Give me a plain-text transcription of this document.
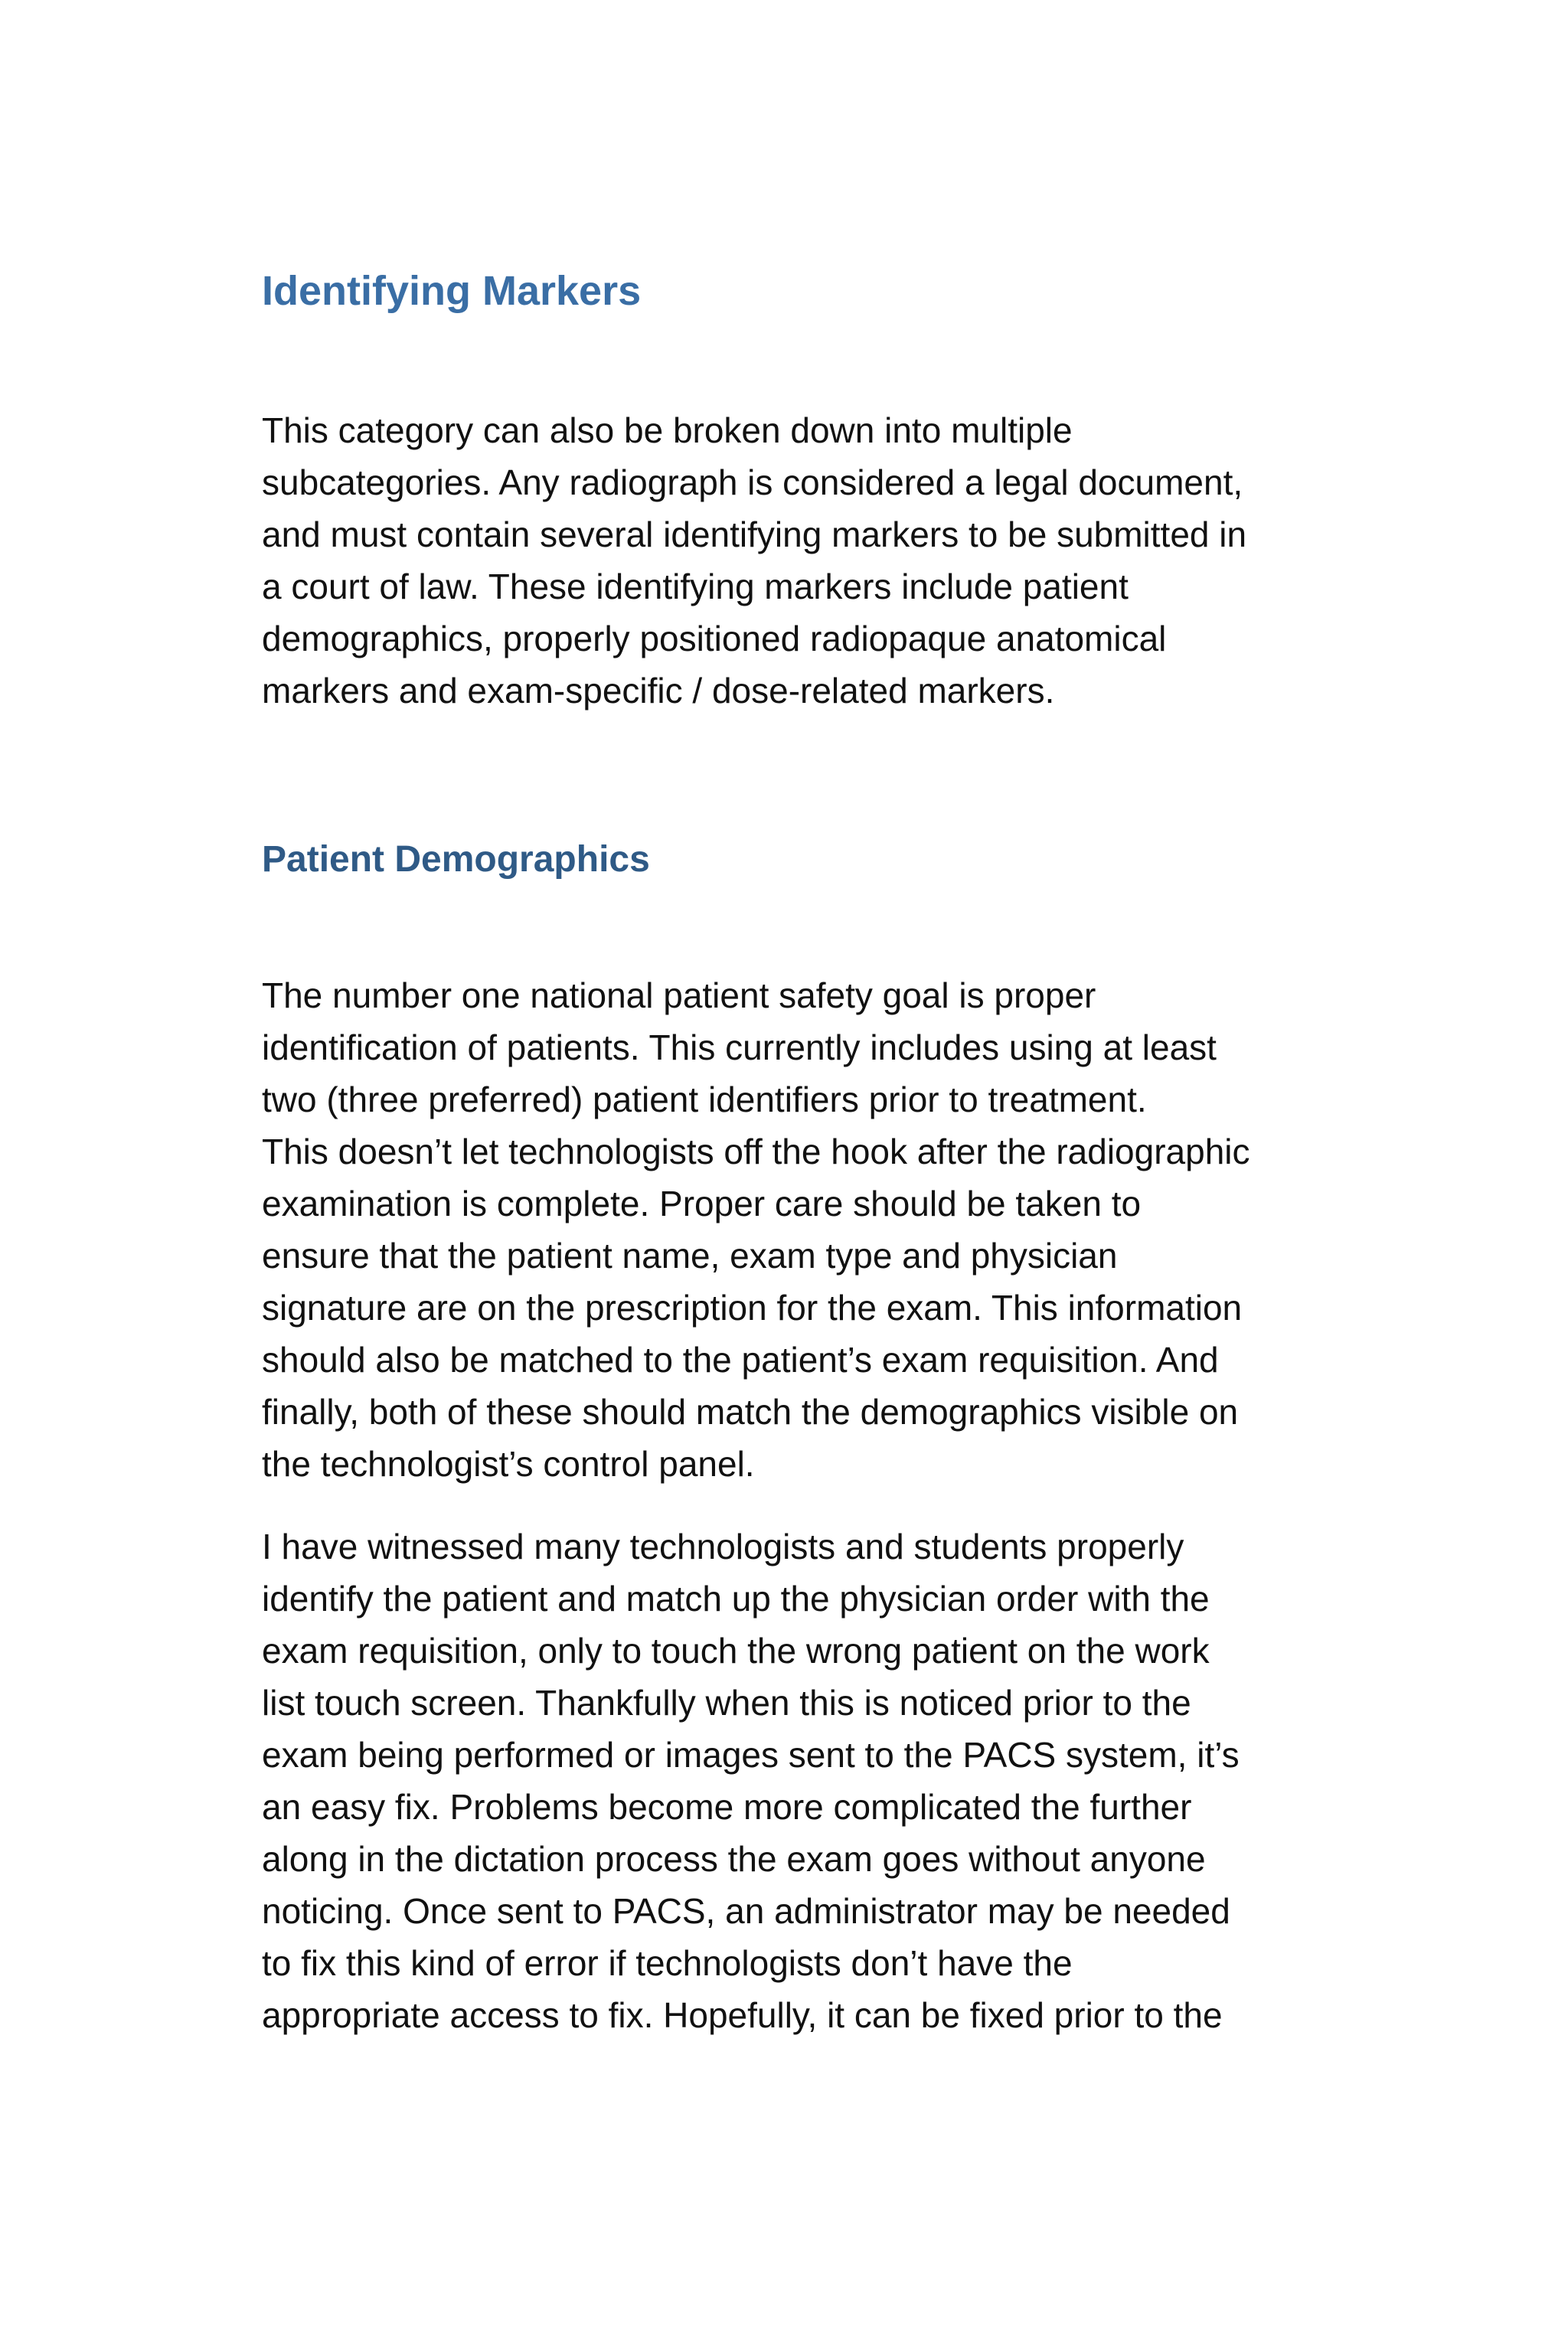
Identifying Markers

This category can also be broken down into multiple

subcategories. Any radiograph is considered a legal document,

and must contain several identifying markers to be submitted in

a court of law. These identifying markers include patient

demographics, properly positioned radiopaque anatomical

markers and exam-specific / dose-related markers.

Patient Demographics

The number one national patient safety goal is proper

identification of patients. This currently includes using at least

two (three preferred) patient identifiers prior to treatment.

This doesn’t let technologists off the hook after the radiographic

examination is complete. Proper care should be taken to

ensure that the patient name, exam type and physician

signature are on the prescription for the exam. This information

should also be matched to the patient’s exam requisition. And

finally, both of these should match the demographics visible on

the technologist’s control panel.

I have witnessed many technologists and students properly

identify the patient and match up the physician order with the

exam requisition, only to touch the wrong patient on the work

list touch screen. Thankfully when this is noticed prior to the

exam being performed or images sent to the PACS system, it’s

an easy fix. Problems become more complicated the further

along in the dictation process the exam goes without anyone

noticing. Once sent to PACS, an administrator may be needed

to fix this kind of error if technologists don’t have the

appropriate access to fix. Hopefully, it can be fixed prior to the
